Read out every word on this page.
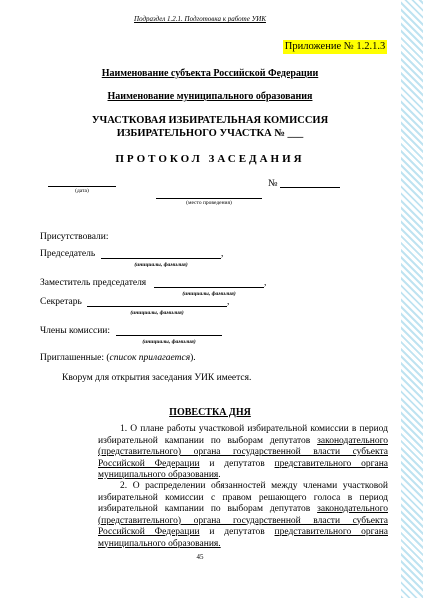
Подраздел 1.2.1. Подготовка к работе УИК
Приложение № 1.2.1.3
Наименование субъекта Российской Федерации
Наименование муниципального образования
УЧАСТКОВАЯ ИЗБИРАТЕЛЬНАЯ КОМИССИЯ
ИЗБИРАТЕЛЬНОГО УЧАСТКА № ___
ПРОТОКОЛ ЗАСЕДАНИЯ
(дата)
№
(место проведения)
Присутствовали:
Председатель	,
(инициалы, фамилия)
Заместитель председателя	,
(инициалы, фамилия)
Секретарь	,
(инициалы, фамилия)
Члены комиссии:
(инициалы, фамилия)
Приглашенные: (список прилагается).
Кворум для открытия заседания УИК имеется.
ПОВЕСТКА ДНЯ
1. О плане работы участковой избирательной комиссии в период избирательной кампании по выборам депутатов законодательного (представительного) органа государственной власти субъекта Российской Федерации и депутатов представительного органа муниципального образования.
2. О распределении обязанностей между членами участковой избирательной комиссии с правом решающего голоса в период избирательной кампании по выборам депутатов законодательного (представительного) органа государственной власти субъекта Российской Федерации и депутатов представительного органа муниципального образования.
45
